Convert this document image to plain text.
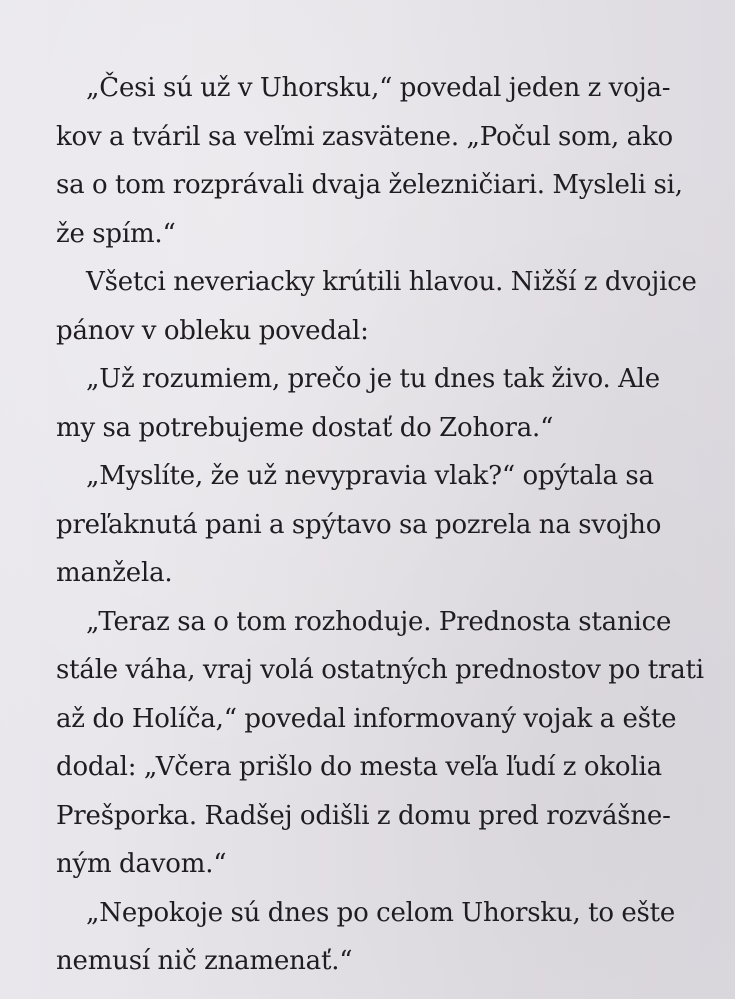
„Česi sú už v Uhorsku,“ povedal jeden z voja-
kov a tváril sa veľmi zasvätene. „Počul som, ako
sa o tom rozprávali dvaja železničiari. Mysleli si,
že spím.“
Všetci neveriacky krútili hlavou. Nižší z dvojice
pánov v obleku povedal:
„Už rozumiem, prečo je tu dnes tak živo. Ale
my sa potrebujeme dostať do Zohora.“
„Myslíte, že už nevypravia vlak?“ opýtala sa
preľaknutá pani a spýtavo sa pozrela na svojho
manžela.
„Teraz sa o tom rozhoduje. Prednosta stanice
stále váha, vraj volá ostatných prednostov po trati
až do Holíča,“ povedal informovaný vojak a ešte
dodal: „Včera prišlo do mesta veľa ľudí z okolia
Prešporka. Radšej odišli z domu pred rozvášne-
ným davom.“
„Nepokoje sú dnes po celom Uhorsku, to ešte
nemusí nič znamenať.“
